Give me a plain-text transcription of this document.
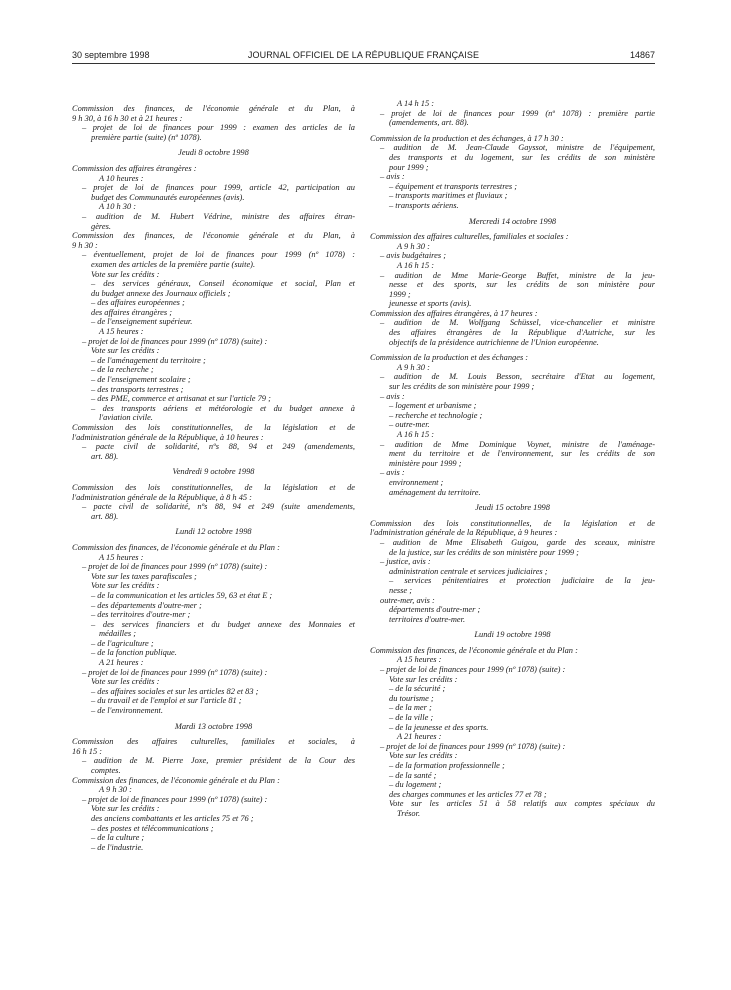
30 septembre 1998	JOURNAL OFFICIEL DE LA RÉPUBLIQUE FRANÇAISE	14867
Commission des finances, de l'économie générale et du Plan, à
9 h 30, à 16 h 30 et à 21 heures :
– projet de loi de finances pour 1999 : examen des articles de la
première partie (suite) (nº 1078).
Jeudi 8 octobre 1998
Commission des affaires étrangères :
A 10 heures :
– projet de loi de finances pour 1999, article 42, participation au
budget des Communautés européennes (avis).
A 10 h 30 :
– audition de M. Hubert Védrine, ministre des affaires étran-
gères.
Commission des finances, de l'économie générale et du Plan, à
9 h 30 :
– éventuellement, projet de loi de finances pour 1999 (nº 1078) :
examen des articles de la première partie (suite).
Vote sur les crédits :
– des services généraux, Conseil économique et social, Plan et
du budget annexe des Journaux officiels ;
– des affaires européennes ;
des affaires étrangères ;
– de l'enseignement supérieur.
A 15 heures :
– projet de loi de finances pour 1999 (nº 1078) (suite) :
Vote sur les crédits :
– de l'aménagement du territoire ;
– de la recherche ;
– de l'enseignement scolaire ;
– des transports terrestres ;
– des PME, commerce et artisanat et sur l'article 79 ;
– des transports aériens et météorologie et du budget annexe à
l'aviation civile.
Commission des lois constitutionnelles, de la législation et de
l'administration générale de la République, à 10 heures :
– pacte civil de solidarité, nºs 88, 94 et 249 (amendements,
art. 88).
Vendredi 9 octobre 1998
Commission des lois constitutionnelles, de la législation et de
l'administration générale de la République, à 8 h 45 :
– pacte civil de solidarité, nºs 88, 94 et 249 (suite amendements,
art. 88).
Lundi 12 octobre 1998
Commission des finances, de l'économie générale et du Plan :
A 15 heures :
– projet de loi de finances pour 1999 (nº 1078) (suite) :
Vote sur les taxes parafiscales ;
Vote sur les crédits :
– de la communication et les articles 59, 63 et état E ;
– des départements d'outre-mer ;
– des territoires d'outre-mer ;
– des services financiers et du budget annexe des Monnaies et
médailles ;
– de l'agriculture ;
– de la fonction publique.
A 21 heures :
– projet de loi de finances pour 1999 (nº 1078) (suite) :
Vote sur les crédits :
– des affaires sociales et sur les articles 82 et 83 ;
– du travail et de l'emploi et sur l'article 81 ;
– de l'environnement.
Mardi 13 octobre 1998
Commission des affaires culturelles, familiales et sociales, à
16 h 15 :
– audition de M. Pierre Joxe, premier président de la Cour des
comptes.
Commission des finances, de l'économie générale et du Plan :
A 9 h 30 :
– projet de loi de finances pour 1999 (nº 1078) (suite) :
Vote sur les crédits :
des anciens combattants et les articles 75 et 76 ;
– des postes et télécommunications ;
– de la culture ;
– de l'industrie.
A 14 h 15 :
– projet de loi de finances pour 1999 (nº 1078) : première partie
(amendements, art. 88).
Commission de la production et des échanges, à 17 h 30 :
– audition de M. Jean-Claude Gayssot, ministre de l'équipement,
des transports et du logement, sur les crédits de son ministère
pour 1999 ;
– avis :
– équipement et transports terrestres ;
– transports maritimes et fluviaux ;
– transports aériens.
Mercredi 14 octobre 1998
Commission des affaires culturelles, familiales et sociales :
A 9 h 30 :
– avis budgétaires ;
A 16 h 15 :
– audition de Mme Marie-George Buffet, ministre de la jeu-
nesse et des sports, sur les crédits de son ministère pour
1999 ;
jeunesse et sports (avis).
Commission des affaires étrangères, à 17 heures :
– audition de M. Wolfgang Schüssel, vice-chancelier et ministre
des affaires étrangères de la République d'Autriche, sur les
objectifs de la présidence autrichienne de l'Union européenne.
Commission de la production et des échanges :
A 9 h 30 :
– audition de M. Louis Besson, secrétaire d'Etat au logement,
sur les crédits de son ministère pour 1999 ;
– avis :
– logement et urbanisme ;
– recherche et technologie ;
– outre-mer.
A 16 h 15 :
– audition de Mme Dominique Voynet, ministre de l'aménage-
ment du territoire et de l'environnement, sur les crédits de son
ministère pour 1999 ;
– avis :
environnement ;
aménagement du territoire.
Jeudi 15 octobre 1998
Commission des lois constitutionnelles, de la législation et de
l'administration générale de la République, à 9 heures :
– audition de Mme Elisabeth Guigou, garde des sceaux, ministre
de la justice, sur les crédits de son ministère pour 1999 ;
– justice, avis :
administration centrale et services judiciaires ;
– services pénitentiaires et protection judiciaire de la jeu-
nesse ;
outre-mer, avis :
départements d'outre-mer ;
territoires d'outre-mer.
Lundi 19 octobre 1998
Commission des finances, de l'économie générale et du Plan :
A 15 heures :
– projet de loi de finances pour 1999 (nº 1078) (suite) :
Vote sur les crédits :
– de la sécurité ;
du tourisme ;
– de la mer ;
– de la ville ;
– de la jeunesse et des sports.
A 21 heures :
– projet de loi de finances pour 1999 (nº 1078) (suite) :
Vote sur les crédits :
– de la formation professionnelle ;
– de la santé ;
– du logement ;
des charges communes et les articles 77 et 78 ;
Vote sur les articles 51 à 58 relatifs aux comptes spéciaux du
Trésor.
